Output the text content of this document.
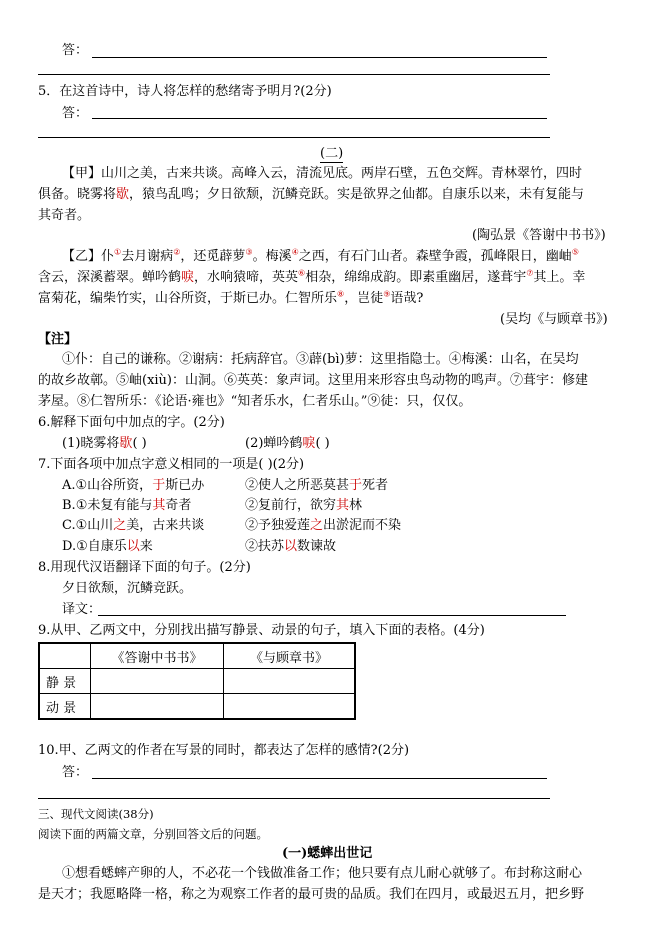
答：
5．在这首诗中，诗人将怎样的愁绪寄予明月?(2分)
答：
(二)
【甲】山川之美，古来共谈。高峰入云，清流见底。两岸石壁，五色交辉。青林翠竹，四时
俱备。晓雾将歇，猿鸟乱鸣；夕日欲颓，沉鳞竞跃。实是欲界之仙都。自康乐以来，未有复能与
其奇者。
(陶弘景《答谢中书书》)
【乙】仆①去月谢病②，还觅薜萝③。梅溪④之西，有石门山者。森壁争霞，孤峰限日，幽岫⑤
含云，深溪蓄翠。蝉吟鹤唳，水响猿啼，英英⑥相杂，绵绵成韵。即素重幽居，遂葺宇⑦其上。幸
富菊花，编柴竹实，山谷所资，于斯已办。仁智所乐⑧，岂徒⑨语哉?
(吴均《与顾章书》)
【注】
①仆：自己的谦称。②谢病：托病辞官。③薜(bì)萝：这里指隐士。④梅溪：山名，在吴均
的故乡故鄣。⑤岫(xiù)：山洞。⑥英英：象声词。这里用来形容虫鸟动物的鸣声。⑦葺宇：修建
茅屋。⑧仁智所乐：《论语·雍也》“知者乐水，仁者乐山。”⑨徒：只，仅仅。
6.解释下面句中加点的字。(2分)
(1)晓雾将歇( )	(2)蝉吟鹤唳( )
7.下面各项中加点字意义相同的一项是( )(2分)
A.①山谷所资，于斯已办	②使人之所恶莫甚于死者
B.①未复有能与其奇者	②复前行，欲穷其林
C.①山川之美，古来共谈	②予独爱莲之出淤泥而不染
D.①自康乐以来	②扶苏以数谏故
8.用现代汉语翻译下面的句子。(2分)
夕日欲颓，沉鳞竞跃。
译文：
9.从甲、乙两文中，分别找出描写静景、动景的句子，填入下面的表格。(4分)
	《答谢中书书》	《与顾章书》
静 景		
动 景		
10.甲、乙两文的作者在写景的同时，都表达了怎样的感情?(2分)
答：
三、现代文阅读(38分)
阅读下面的两篇文章，分别回答文后的问题。
(一)蟋蟀出世记
①想看蟋蟀产卵的人，不必花一个钱做准备工作；他只要有点儿耐心就够了。布封称这耐心
是天才；我愿略降一格，称之为观察工作者的最可贵的品质。我们在四月，或最迟五月，把乡野
